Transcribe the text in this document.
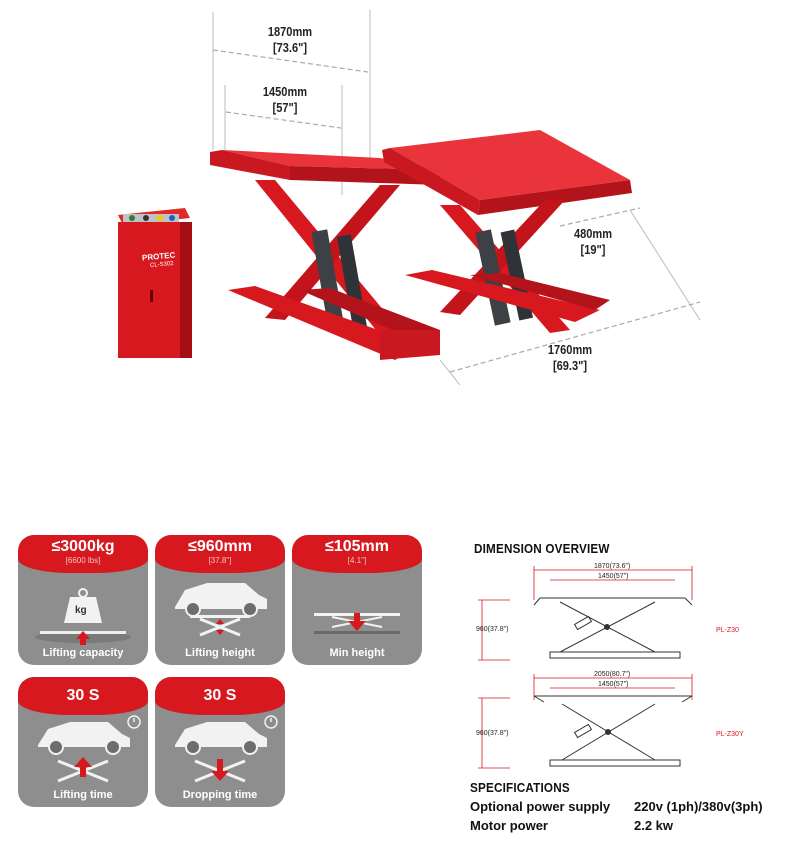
PROTEC
CL-S302
1870mm
[73.6"]
1450mm
[57"]
480mm
[19"]
1760mm
[69.3"]
≤3000kg
[6600 lbs]
kg
Lifting capacity
≤960mm
[37.8"]
Lifting height
≤105mm
[4.1"]
Min height
30 S
Lifting time
30 S
Dropping time
DIMENSION OVERVIEW
1870(73.6")
1450(57")
960(37.8")	PL-Z30
2050(80.7")
1450(57")
960(37.8")	PL-Z30Y
SPECIFICATIONS
Optional power supply 220v (1ph)/380v(3ph)
Motor power	2.2 kw
